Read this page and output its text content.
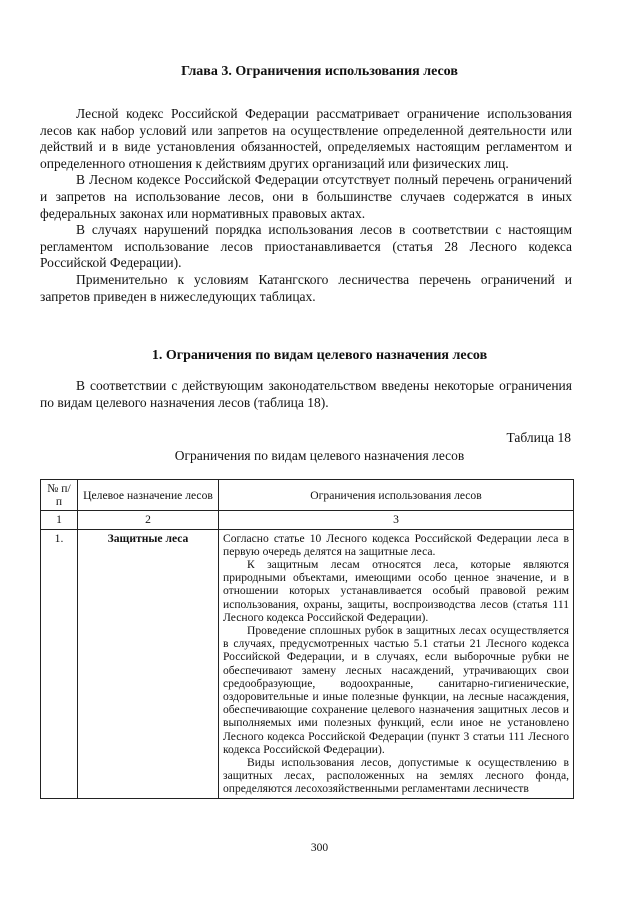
Глава 3. Ограничения использования лесов

Лесной кодекс Российской Федерации рассматривает ограничение использования лесов как набор условий или запретов на осуществление определенной деятельности или действий и в виде установления обязанностей, определяемых настоящим регламентом и определенного отношения к действиям других организаций или физических лиц.

В Лесном кодексе Российской Федерации отсутствует полный перечень ограничений и запретов на использование лесов, они в большинстве случаев содержатся в иных федеральных законах или нормативных правовых актах.

В случаях нарушений порядка использования лесов в соответствии с настоящим регламентом использование лесов приостанавливается (статья 28 Лесного кодекса Российской Федерации).

Применительно к условиям Катангского лесничества перечень ограничений и запретов приведен в нижеследующих таблицах.

1. Ограничения по видам целевого назначения лесов

В соответствии с действующим законодательством введены некоторые ограничения по видам целевого назначения лесов (таблица 18).

Таблица 18
Ограничения по видам целевого назначения лесов
№ п/п	Целевое назначение лесов	Ограничения использования лесов
1	2	3
1.	Защитные леса	Согласно статье 10 Лесного кодекса Российской Федерации леса в первую очередь делятся на защитные леса.

К защитным лесам относятся леса, которые являются природными объектами, имеющими особо ценное значение, и в отношении которых устанавливается особый правовой режим использования, охраны, защиты, воспроизводства лесов (статья 111 Лесного кодекса Российской Федерации).

Проведение сплошных рубок в защитных лесах осуществляется в случаях, предусмотренных частью 5.1 статьи 21 Лесного кодекса Российской Федерации, и в случаях, если выборочные рубки не обеспечивают замену лесных насаждений, утрачивающих свои средообразующие, водоохранные, санитарно-гигиенические, оздоровительные и иные полезные функции, на лесные насаждения, обеспечивающие сохранение целевого назначения защитных лесов и выполняемых ими полезных функций, если иное не установлено Лесного кодекса Российской Федерации (пункт 3 статьи 111 Лесного кодекса Российской Федерации).

Виды использования лесов, допустимые к осуществлению в защитных лесах, расположенных на землях лесного фонда, определяются лесохозяйственными регламентами лесничеств

300
